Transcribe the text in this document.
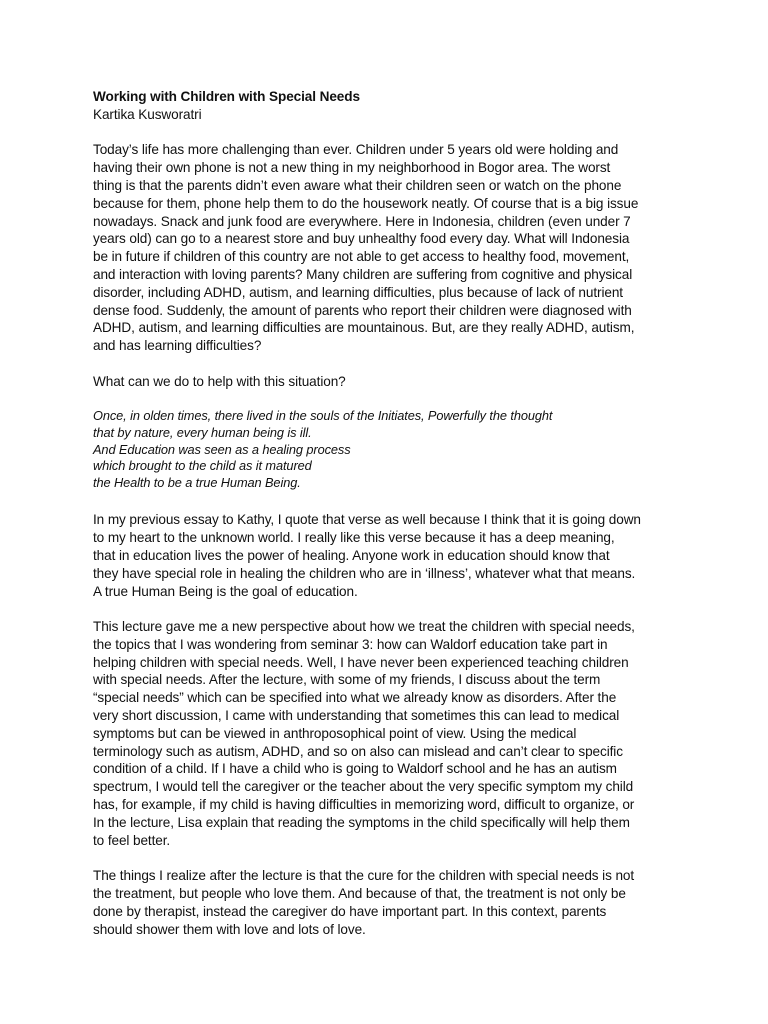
Working with Children with Special Needs

Kartika Kusworatri

Today’s life has more challenging than ever. Children under 5 years old were holding and
having their own phone is not a new thing in my neighborhood in Bogor area. The worst
thing is that the parents didn’t even aware what their children seen or watch on the phone
because for them, phone help them to do the housework neatly. Of course that is a big issue
nowadays. Snack and junk food are everywhere. Here in Indonesia, children (even under 7
years old) can go to a nearest store and buy unhealthy food every day. What will Indonesia
be in future if children of this country are not able to get access to healthy food, movement,
and interaction with loving parents? Many children are suffering from cognitive and physical
disorder, including ADHD, autism, and learning difficulties, plus because of lack of nutrient
dense food. Suddenly, the amount of parents who report their children were diagnosed with
ADHD, autism, and learning difficulties are mountainous. But, are they really ADHD, autism,
and has learning difficulties?

What can we do to help with this situation?

Once, in olden times, there lived in the souls of the Initiates, Powerfully the thought
that by nature, every human being is ill.
And Education was seen as a healing process
which brought to the child as it matured
the Health to be a true Human Being.

In my previous essay to Kathy, I quote that verse as well because I think that it is going down
to my heart to the unknown world. I really like this verse because it has a deep meaning,
that in education lives the power of healing. Anyone work in education should know that
they have special role in healing the children who are in ‘illness’, whatever what that means.
A true Human Being is the goal of education.

This lecture gave me a new perspective about how we treat the children with special needs,
the topics that I was wondering from seminar 3: how can Waldorf education take part in
helping children with special needs. Well, I have never been experienced teaching children
with special needs. After the lecture, with some of my friends, I discuss about the term
“special needs” which can be specified into what we already know as disorders. After the
very short discussion, I came with understanding that sometimes this can lead to medical
symptoms but can be viewed in anthroposophical point of view. Using the medical
terminology such as autism, ADHD, and so on also can mislead and can’t clear to specific
condition of a child. If I have a child who is going to Waldorf school and he has an autism
spectrum, I would tell the caregiver or the teacher about the very specific symptom my child
has, for example, if my child is having difficulties in memorizing word, difficult to organize, or
In the lecture, Lisa explain that reading the symptoms in the child specifically will help them
to feel better.

The things I realize after the lecture is that the cure for the children with special needs is not
the treatment, but people who love them. And because of that, the treatment is not only be
done by therapist, instead the caregiver do have important part. In this context, parents
should shower them with love and lots of love.
